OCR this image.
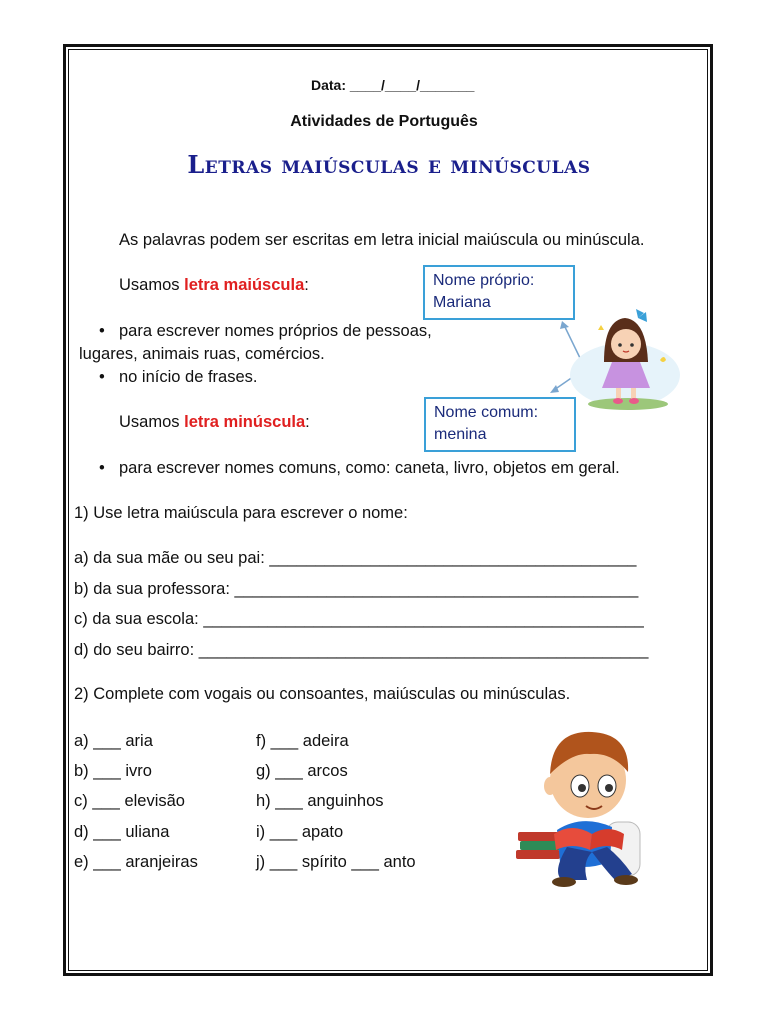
Data: ____/____/_______
Atividades de Português
Letras maiúsculas e minúsculas
As palavras podem ser escritas em letra inicial maiúscula ou minúscula.
Usamos letra maiúscula:
• para escrever nomes próprios de pessoas,
lugares, animais ruas, comércios.
• no início de frases.
Usamos letra minúscula:
• para escrever nomes comuns, como: caneta, livro, objetos em geral.
Nome próprio:
Mariana
Nome comum:
menina
1) Use letra maiúscula para escrever o nome:
a) da sua mãe ou seu pai: ________________________________________
b) da sua professora: ____________________________________________
c) da sua escola: ________________________________________________
d) do seu bairro: _________________________________________________
2) Complete com vogais ou consoantes, maiúsculas ou minúsculas.
a) ___ aria
b) ___ ivro
c) ___ elevisão
d) ___ uliana
e) ___ aranjeiras
f) ___ adeira
g) ___ arcos
h) ___ anguinhos
i) ___ apato
j) ___ spírito ___ anto
